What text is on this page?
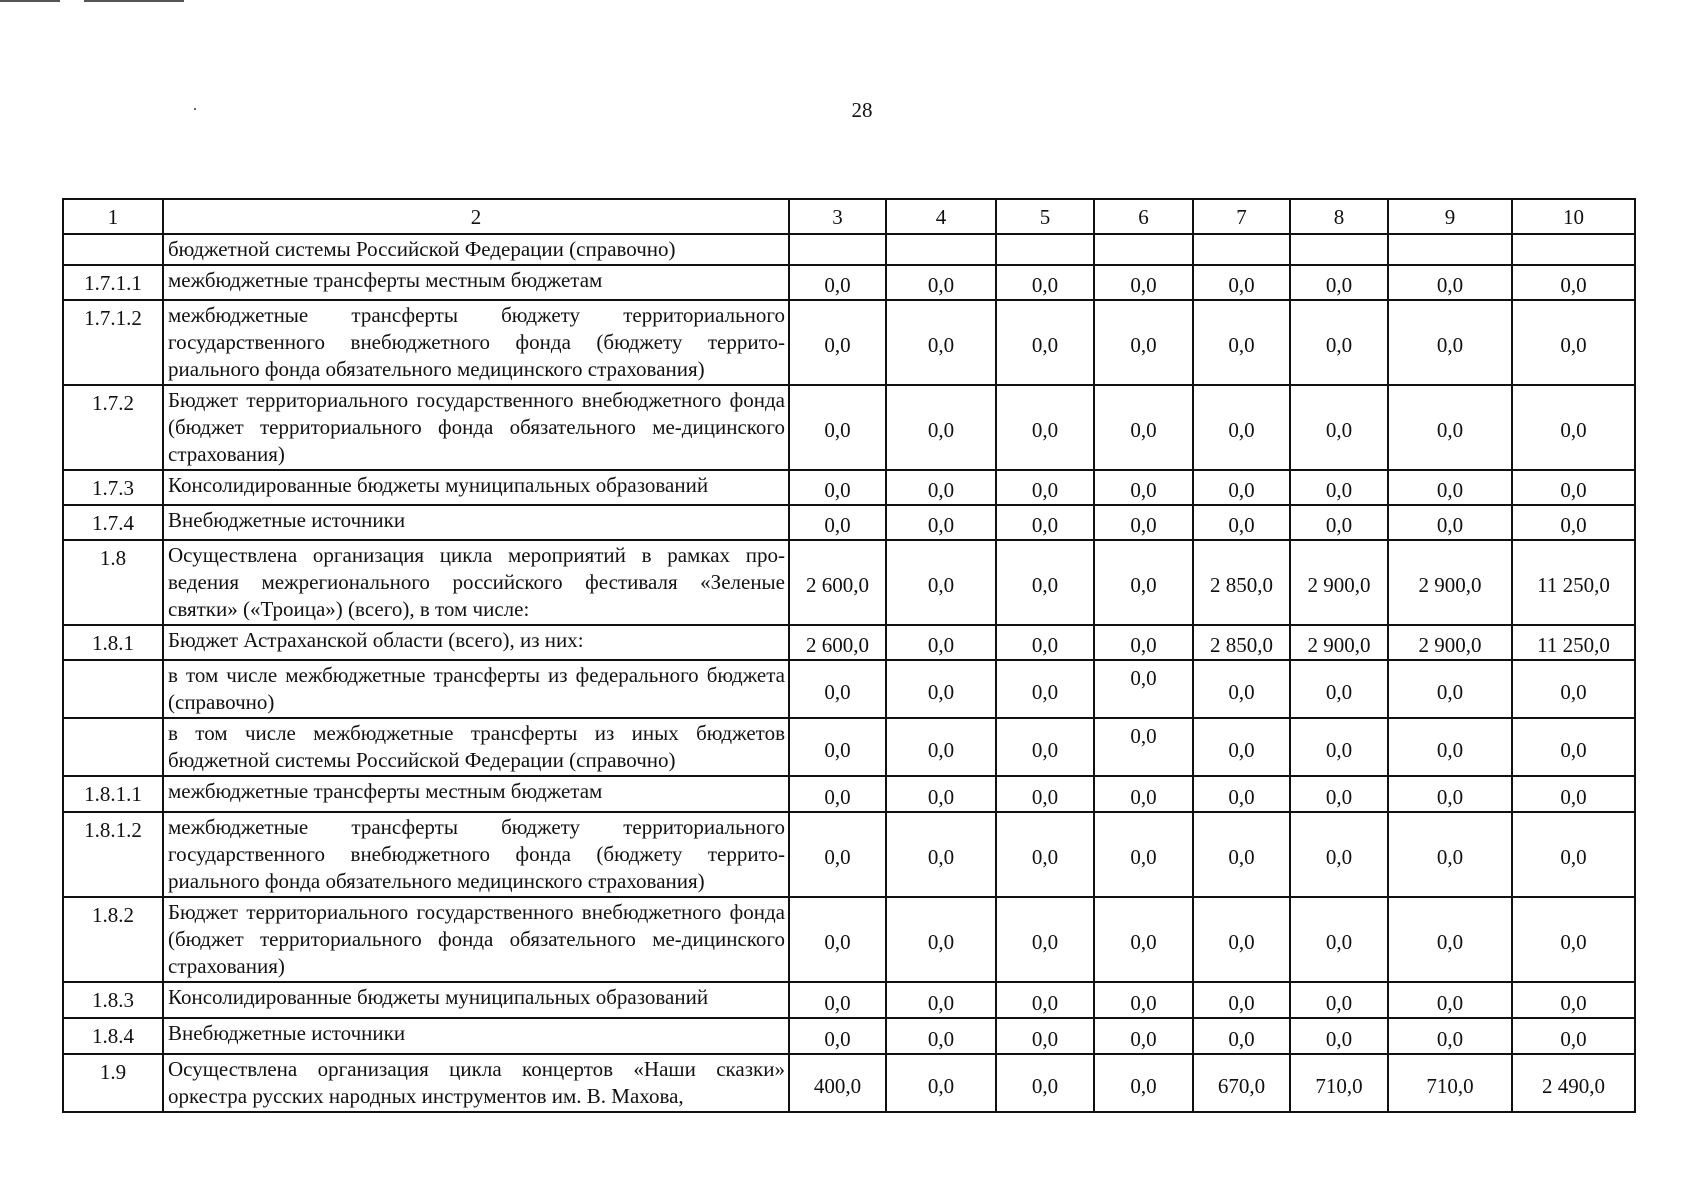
28
1	2	3	4	5	6	7	8	9	10
	бюджетной системы Российской Федерации (справочно)								
1.7.1.1	межбюджетные трансферты местным бюджетам	0,0	0,0	0,0	0,0	0,0	0,0	0,0	0,0
1.7.1.2	межбюджетные трансферты бюджету территориального государственного внебюджетного фонда (бюджету террито-риального фонда обязательного медицинского страхования)	0,0	0,0	0,0	0,0	0,0	0,0	0,0	0,0
1.7.2	Бюджет территориального государственного внебюджетного фонда (бюджет территориального фонда обязательного ме-дицинского страхования)	0,0	0,0	0,0	0,0	0,0	0,0	0,0	0,0
1.7.3	Консолидированные бюджеты муниципальных образований	0,0	0,0	0,0	0,0	0,0	0,0	0,0	0,0
1.7.4	Внебюджетные источники	0,0	0,0	0,0	0,0	0,0	0,0	0,0	0,0
1.8	Осуществлена организация цикла мероприятий в рамках про-ведения межрегионального российского фестиваля «Зеленые святки» («Троица») (всего), в том числе:	2 600,0	0,0	0,0	0,0	2 850,0	2 900,0	2 900,0	11 250,0
1.8.1	Бюджет Астраханской области (всего), из них:	2 600,0	0,0	0,0	0,0	2 850,0	2 900,0	2 900,0	11 250,0
	в том числе межбюджетные трансферты из федерального бюджета (справочно)	0,0	0,0	0,0	0,0	0,0	0,0	0,0	0,0
	в том числе межбюджетные трансферты из иных бюджетов бюджетной системы Российской Федерации (справочно)	0,0	0,0	0,0	0,0	0,0	0,0	0,0	0,0
1.8.1.1	межбюджетные трансферты местным бюджетам	0,0	0,0	0,0	0,0	0,0	0,0	0,0	0,0
1.8.1.2	межбюджетные трансферты бюджету территориального государственного внебюджетного фонда (бюджету террито-риального фонда обязательного медицинского страхования)	0,0	0,0	0,0	0,0	0,0	0,0	0,0	0,0
1.8.2	Бюджет территориального государственного внебюджетного фонда (бюджет территориального фонда обязательного ме-дицинского страхования)	0,0	0,0	0,0	0,0	0,0	0,0	0,0	0,0
1.8.3	Консолидированные бюджеты муниципальных образований	0,0	0,0	0,0	0,0	0,0	0,0	0,0	0,0
1.8.4	Внебюджетные источники	0,0	0,0	0,0	0,0	0,0	0,0	0,0	0,0
1.9	Осуществлена организация цикла концертов «Наши сказки» оркестра русских народных инструментов им. В. Махова,	400,0	0,0	0,0	0,0	670,0	710,0	710,0	2 490,0
